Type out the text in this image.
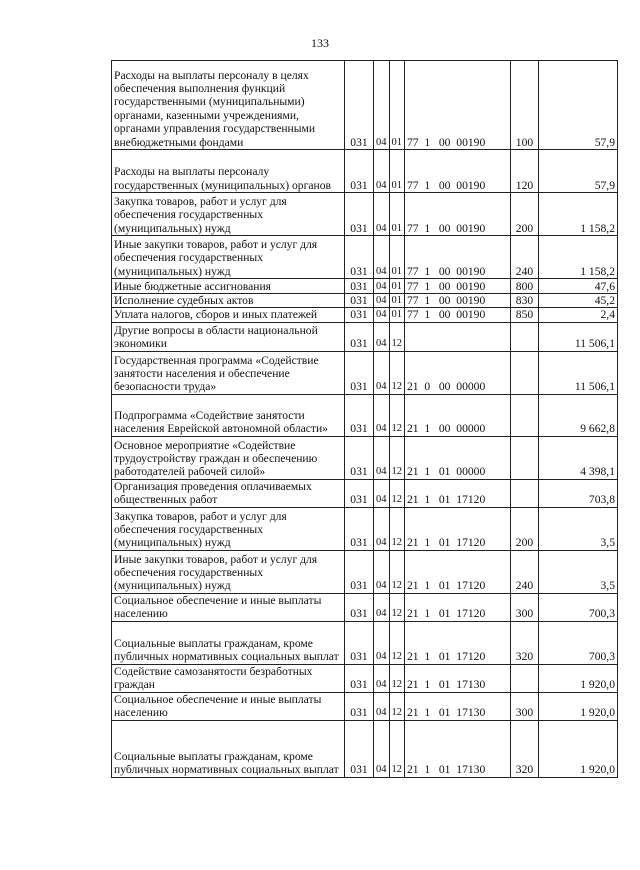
133
Расходы на выплаты персоналу в целях обеспечения выполнения функций государственными (муниципальными) органами, казенными учреждениями, органами управления государственными внебюджетными фондами	031	04	01	77  1   00  00190	100	57,9
Расходы на выплаты персоналу государственных (муниципальных) органов	031	04	01	77  1   00  00190	120	57,9
Закупка товаров, работ и услуг для обеспечения государственных (муниципальных) нужд	031	04	01	77  1   00  00190	200	1 158,2
Иные закупки товаров, работ и услуг для обеспечения государственных (муниципальных) нужд	031	04	01	77  1   00  00190	240	1 158,2
Иные бюджетные ассигнования	031	04	01	77  1   00  00190	800	47,6
Исполнение судебных актов	031	04	01	77  1   00  00190	830	45,2
Уплата налогов, сборов и иных платежей	031	04	01	77  1   00  00190	850	2,4
Другие вопросы в области национальной экономики	031	04	12			11 506,1
Государственная программа «Содействие занятости населения и обеспечение безопасности труда»	031	04	12	21  0   00  00000		11 506,1
Подпрограмма «Содействие занятости населения Еврейской автономной области»	031	04	12	21  1   00  00000		9 662,8
Основное мероприятие «Содействие трудоустройству граждан и обеспечению работодателей рабочей силой»	031	04	12	21  1   01  00000		4 398,1
Организация проведения оплачиваемых общественных работ	031	04	12	21  1   01  17120		703,8
Закупка товаров, работ и услуг для обеспечения государственных (муниципальных) нужд	031	04	12	21  1   01  17120	200	3,5
Иные закупки товаров, работ и услуг для обеспечения государственных (муниципальных) нужд	031	04	12	21  1   01  17120	240	3,5
Социальное обеспечение и иные выплаты населению	031	04	12	21  1   01  17120	300	700,3
Социальные выплаты гражданам, кроме публичных нормативных социальных выплат	031	04	12	21  1   01  17120	320	700,3
Содействие самозанятости безработных граждан	031	04	12	21  1   01  17130		1 920,0
Социальное обеспечение и иные выплаты населению	031	04	12	21  1   01  17130	300	1 920,0
Социальные выплаты гражданам, кроме публичных нормативных социальных выплат	031	04	12	21  1   01  17130	320	1 920,0
